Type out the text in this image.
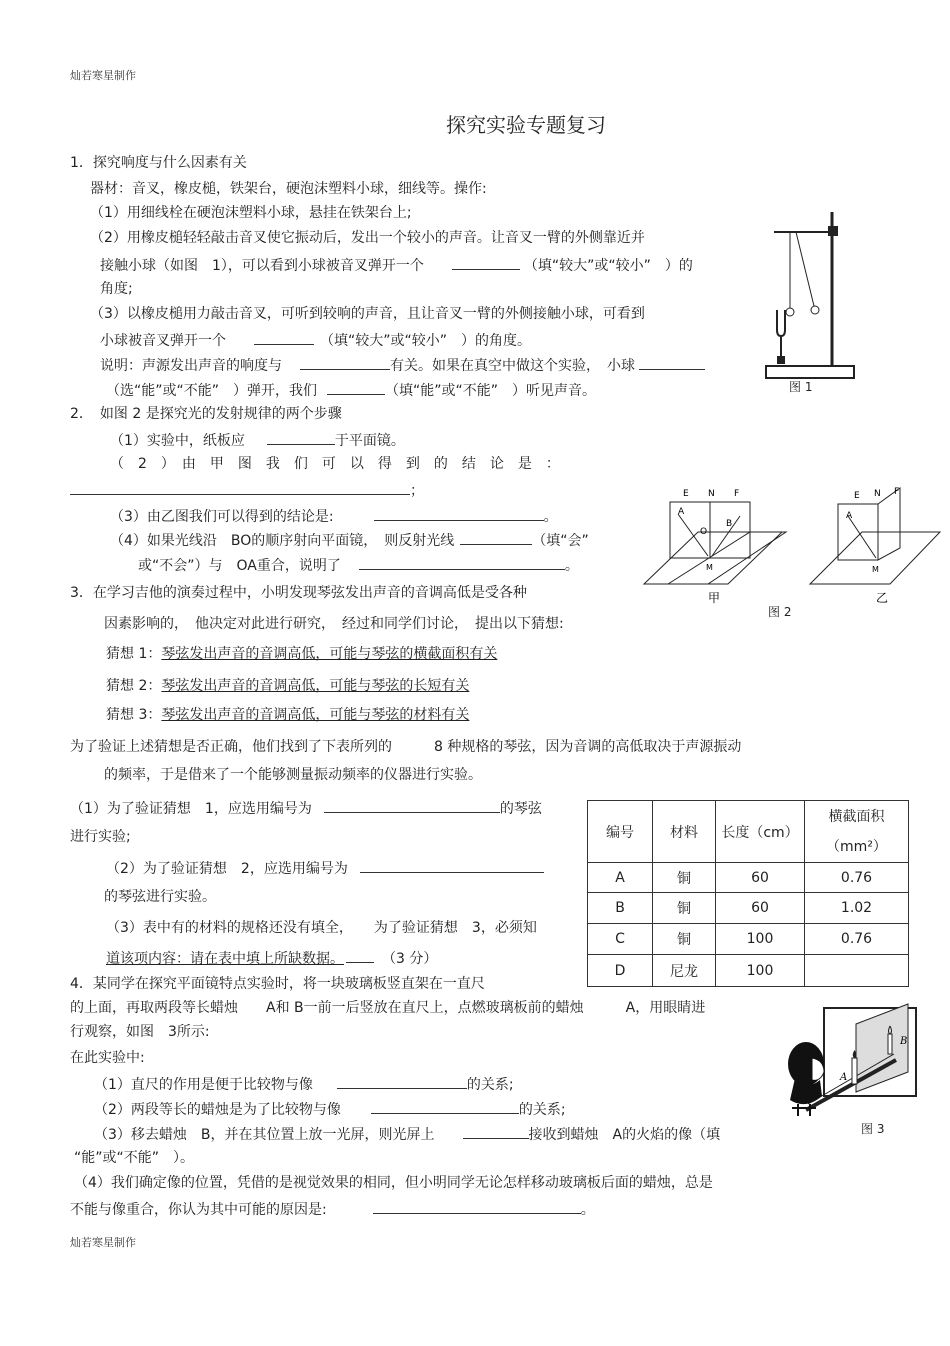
灿若寒星制作
探究实验专题复习
1．探究响度与什么因素有关
器材：音叉，橡皮槌，铁架台，硬泡沫塑料小球，细线等。操作:
（1）用细线栓在硬泡沫塑料小球，悬挂在铁架台上;
（2）用橡皮槌轻轻敲击音叉使它振动后，发出一个较小的声音。让音叉一臂的外侧靠近并
接触小球（如图　1），可以看到小球被音叉弹开一个	（填“较大”或“较小”　）的
角度;
（3）以橡皮槌用力敲击音叉，可听到较响的声音，且让音叉一臂的外侧接触小球，可看到
小球被音叉弹开一个	（填“较大”或“较小”　）的角度。
说明：声源发出声音的响度与	有关。如果在真空中做这个实验，　小球
（选“能”或“不能”　）弹开，我们	（填“能”或“不能”　）听见声音。	图 1
2．　如图 2 是探究光的发射规律的两个步骤
（1）实验中，纸板应	于平面镜。
（　2　）　由　甲　图　我　们　可　以　得　到　的　结　论　是　：
；
（3）由乙图我们可以得到的结论是:	。
（4）如果光线沿　BO的顺序射向平面镜，　则反射光线	（填“会”
或“不会”）与　OA重合，说明了	。
E N F
A
O
B
M
甲
E N F
A
M
乙
图 2
3．在学习吉他的演奏过程中，小明发现琴弦发出声音的音调高低是受各种
因素影响的，　他决定对此进行研究，　经过和同学们讨论，　提出以下猜想:
猜想 1：琴弦发出声音的音调高低，可能与琴弦的横截面积有关
猜想 2：琴弦发出声音的音调高低，可能与琴弦的长短有关
猜想 3：琴弦发出声音的音调高低，可能与琴弦的材料有关
为了验证上述猜想是否正确，他们找到了下表所列的　　　8 种规格的琴弦，因为音调的高低取决于声源振动
的频率，于是借来了一个能够测量振动频率的仪器进行实验。
（1）为了验证猜想　1，应选用编号为	的琴弦
进行实验;
（2）为了验证猜想　2，应选用编号为
的琴弦进行实验。
（3）表中有的材料的规格还没有填全，　　为了验证猜想　3，必须知
道该项内容：请在表中填上所缺数据。	（3 分）
编号	材料	长度（cm）	横截面积
（mm²）

A	铜	60	0.76
B	铜	60	1.02
C	铜	100	0.76
D	尼龙	100	
4．某同学在探究平面镜特点实验时，将一块玻璃板竖直架在一直尺
的上面，再取两段等长蜡烛　　A和 B一前一后竖放在直尺上，点燃玻璃板前的蜡烛　　　A，用眼睛进
行观察，如图　3所示:
在此实验中:
（1）直尺的作用是便于比较物与像	的关系;
（2）两段等长的蜡烛是为了比较物与像	的关系;
（3）移去蜡烛　B，并在其位置上放一光屏，则光屏上	接收到蜡烛　A的火焰的像（填
“能”或“不能”　）。
（4）我们确定像的位置，凭借的是视觉效果的相同，但小明同学无论怎样移动玻璃板后面的蜡烛，总是
不能与像重合，你认为其中可能的原因是:	。
A
B
图 3
灿若寒星制作
